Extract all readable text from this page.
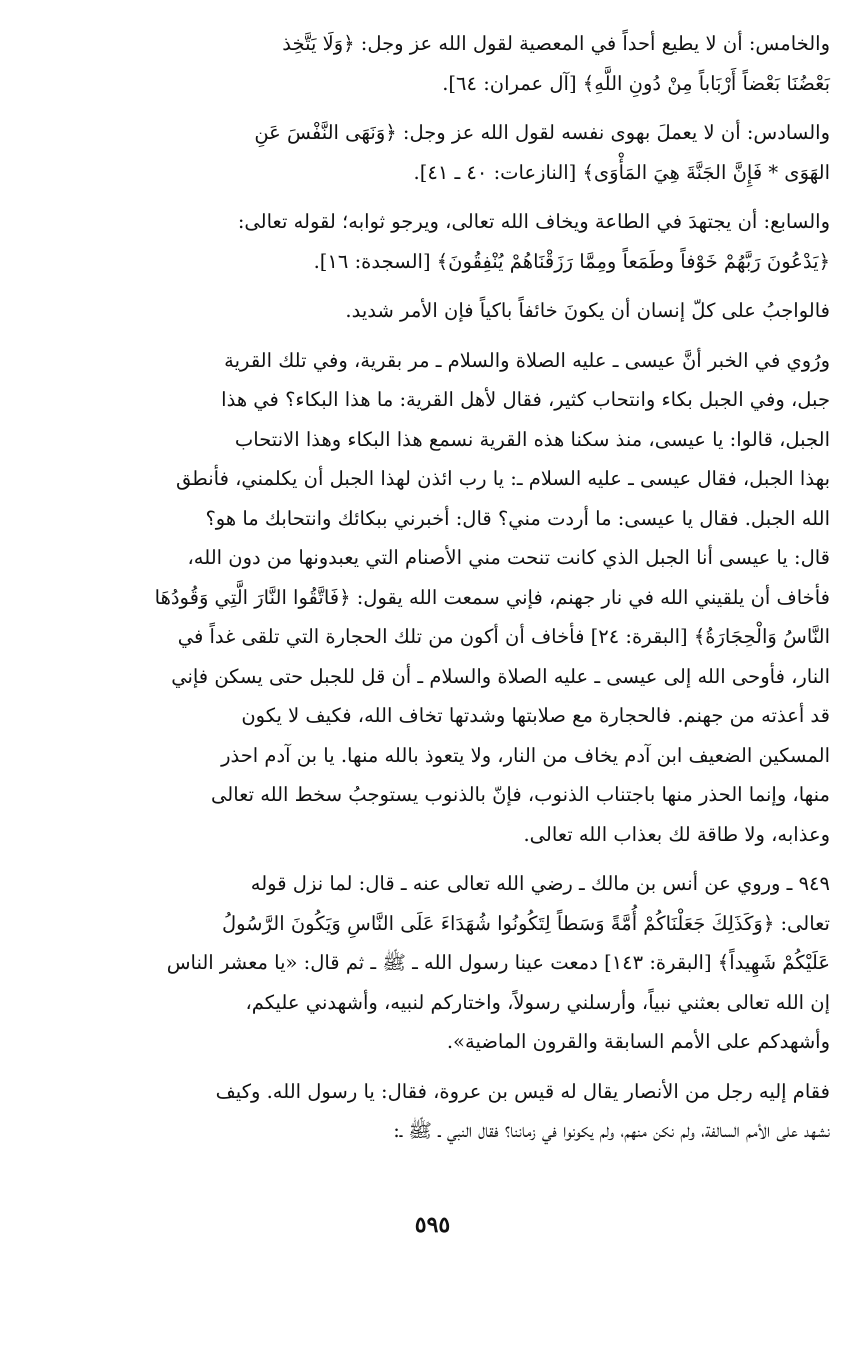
والخامس: أن لا يطيع أحداً في المعصية لقول الله عز وجل: ﴿وَلَا يَتَّخِذ
بَعْضُنَا بَعْضاً أَرْبَاباً مِنْ دُونِ اللَّهِ﴾ [آل عمران: ٦٤].
والسادس: أن لا يعملَ بهوى نفسه لقول الله عز وجل: ﴿وَنَهَى النَّفْسَ عَنِ
الهَوَى * فَإِنَّ الجَنَّةَ هِيَ المَأْوَى﴾ [النازعات: ٤٠ ـ ٤١].
والسابع: أن يجتهدَ في الطاعة ويخاف الله تعالى، ويرجو ثوابه؛ لقوله تعالى:
﴿يَدْعُونَ رَبَّهُمْ خَوْفاً وطَمَعاً ومِمَّا رَزَقْنَاهُمْ يُنْفِقُونَ﴾ [السجدة: ١٦].
فالواجبُ على كلّ إنسان أن يكونَ خائفاً باكياً فإن الأمر شديد.
ورُوي في الخبر أنَّ عيسى ـ عليه الصلاة والسلام ـ مر بقرية، وفي تلك القرية
جبل، وفي الجبل بكاء وانتحاب كثير، فقال لأهل القرية: ما هذا البكاء؟ في هذا
الجبل، قالوا: يا عيسى، منذ سكنا هذه القرية نسمع هذا البكاء وهذا الانتحاب
بهذا الجبل، فقال عيسى ـ عليه السلام ـ: يا رب ائذن لهذا الجبل أن يكلمني، فأنطق
الله الجبل. فقال يا عيسى: ما أردت مني؟ قال: أخبرني ببكائك وانتحابك ما هو؟
قال: يا عيسى أنا الجبل الذي كانت تنحت مني الأصنام التي يعبدونها من دون الله،
فأخاف أن يلقيني الله في نار جهنم، فإني سمعت الله يقول: ﴿فَاتَّقُوا النَّارَ الَّتِي وَقُودُهَا
النَّاسُ وَالْحِجَارَةُ﴾ [البقرة: ٢٤] فأخاف أن أكون من تلك الحجارة التي تلقى غداً في
النار، فأوحى الله إلى عيسى ـ عليه الصلاة والسلام ـ أن قل للجبل حتى يسكن فإني
قد أعذته من جهنم. فالحجارة مع صلابتها وشدتها تخاف الله، فكيف لا يكون
المسكين الضعيف ابن آدم يخاف من النار، ولا يتعوذ بالله منها. يا بن آدم احذر
منها، وإنما الحذر منها باجتناب الذنوب، فإنّ بالذنوب يستوجبُ سخط الله تعالى
وعذابه، ولا طاقة لك بعذاب الله تعالى.
٩٤٩ ـ وروي عن أنس بن مالك ـ رضي الله تعالى عنه ـ قال: لما نزل قوله
تعالى: ﴿وَكَذَلِكَ جَعَلْنَاكُمْ أُمَّةً وَسَطاً لِتَكُونُوا شُهَدَاءَ عَلَى النَّاسِ وَيَكُونَ الرَّسُولُ
عَلَيْكُمْ شَهِيداً﴾ [البقرة: ١٤٣] دمعت عينا رسول الله ـ ﷺ ـ ثم قال: «يا معشر الناس
إن الله تعالى بعثني نبياً، وأرسلني رسولاً، واختاركم لنبيه، وأشهدني عليكم،
وأشهدكم على الأمم السابقة والقرون الماضية».
فقام إليه رجل من الأنصار يقال له قيس بن عروة، فقال: يا رسول الله. وكيف
نشهد على الأمم السالفة، ولم نكن منهم، ولم يكونوا في زماننا؟ فقال النبي ـ ﷺ ـ:
٥٩٥
